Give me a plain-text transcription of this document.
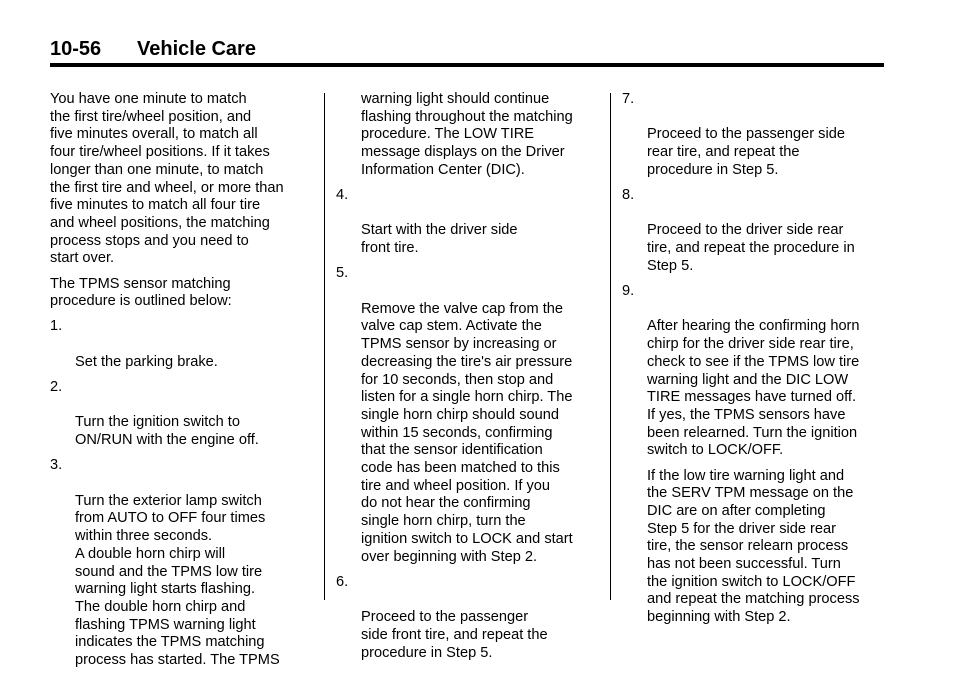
10-56 Vehicle Care

You have one minute to match
the first tire/wheel position, and
five minutes overall, to match all
four tire/wheel positions. If it takes
longer than one minute, to match
the first tire and wheel, or more than
five minutes to match all four tire
and wheel positions, the matching
process stops and you need to
start over.

The TPMS sensor matching
procedure is outlined below:

1.

Set the parking brake.

2.

Turn the ignition switch to
ON/RUN with the engine off.

3.

Turn the exterior lamp switch
from AUTO to OFF four times
within three seconds.
A double horn chirp will
sound and the TPMS low tire
warning light starts flashing.
The double horn chirp and
flashing TPMS warning light
indicates the TPMS matching
process has started. The TPMS

warning light should continue
flashing throughout the matching
procedure. The LOW TIRE
message displays on the Driver
Information Center (DIC).

4.

Start with the driver side
front tire.

5.

Remove the valve cap from the
valve cap stem. Activate the
TPMS sensor by increasing or
decreasing the tire's air pressure
for 10 seconds, then stop and
listen for a single horn chirp. The
single horn chirp should sound
within 15 seconds, confirming
that the sensor identification
code has been matched to this
tire and wheel position. If you
do not hear the confirming
single horn chirp, turn the
ignition switch to LOCK and start
over beginning with Step 2.

6.

Proceed to the passenger
side front tire, and repeat the
procedure in Step 5.

7.

Proceed to the passenger side
rear tire, and repeat the
procedure in Step 5.

8.

Proceed to the driver side rear
tire, and repeat the procedure in
Step 5.

9.

After hearing the confirming horn
chirp for the driver side rear tire,
check to see if the TPMS low tire
warning light and the DIC LOW
TIRE messages have turned off.
If yes, the TPMS sensors have
been relearned. Turn the ignition
switch to LOCK/OFF.

If the low tire warning light and
the SERV TPM message on the
DIC are on after completing
Step 5 for the driver side rear
tire, the sensor relearn process
has not been successful. Turn
the ignition switch to LOCK/OFF
and repeat the matching process
beginning with Step 2.
